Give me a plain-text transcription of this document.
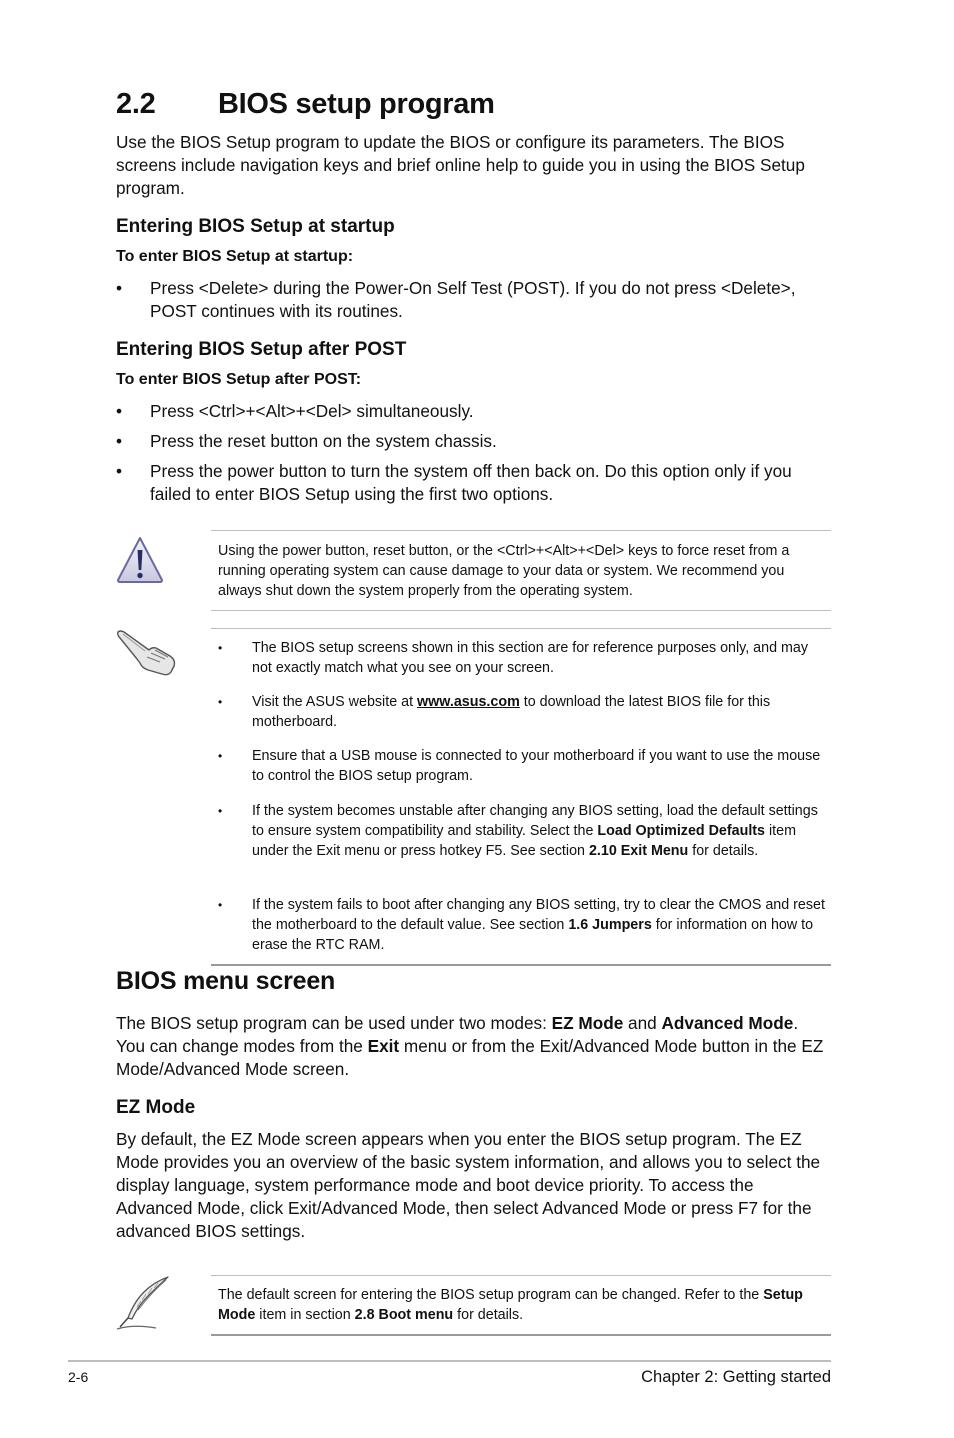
2.2 BIOS setup program

Use the BIOS Setup program to update the BIOS or configure its parameters. The BIOS screens include navigation keys and brief online help to guide you in using the BIOS Setup program.

Entering BIOS Setup at startup
To enter BIOS Setup at startup:
• Press <Delete> during the Power-On Self Test (POST). If you do not press <Delete>, POST continues with its routines.
Entering BIOS Setup after POST
To enter BIOS Setup after POST:
• Press <Ctrl>+<Alt>+<Del> simultaneously.
• Press the reset button on the system chassis.
• Press the power button to turn the system off then back on. Do this option only if you failed to enter BIOS Setup using the first two options.

Using the power button, reset button, or the <Ctrl>+<Alt>+<Del> keys to force reset from a running operating system can cause damage to your data or system. We recommend you always shut down the system properly from the operating system.

• The BIOS setup screens shown in this section are for reference purposes only, and may not exactly match what you see on your screen.
• Visit the ASUS website at www.asus.com to download the latest BIOS file for this motherboard.
• Ensure that a USB mouse is connected to your motherboard if you want to use the mouse to control the BIOS setup program.
• If the system becomes unstable after changing any BIOS setting, load the default settings to ensure system compatibility and stability. Select the Load Optimized Defaults item under the Exit menu or press hotkey F5. See section 2.10 Exit Menu for details.
• If the system fails to boot after changing any BIOS setting, try to clear the CMOS and reset the motherboard to the default value. See section 1.6 Jumpers for information on how to erase the RTC RAM.
BIOS menu screen

The BIOS setup program can be used under two modes: EZ Mode and Advanced Mode. You can change modes from the Exit menu or from the Exit/Advanced Mode button in the EZ Mode/Advanced Mode screen.

EZ Mode

By default, the EZ Mode screen appears when you enter the BIOS setup program. The EZ Mode provides you an overview of the basic system information, and allows you to select the display language, system performance mode and boot device priority. To access the Advanced Mode, click Exit/Advanced Mode, then select Advanced Mode or press F7 for the advanced BIOS settings.

The default screen for entering the BIOS setup program can be changed. Refer to the Setup Mode item in section 2.8 Boot menu for details.

2-6	Chapter 2: Getting started
